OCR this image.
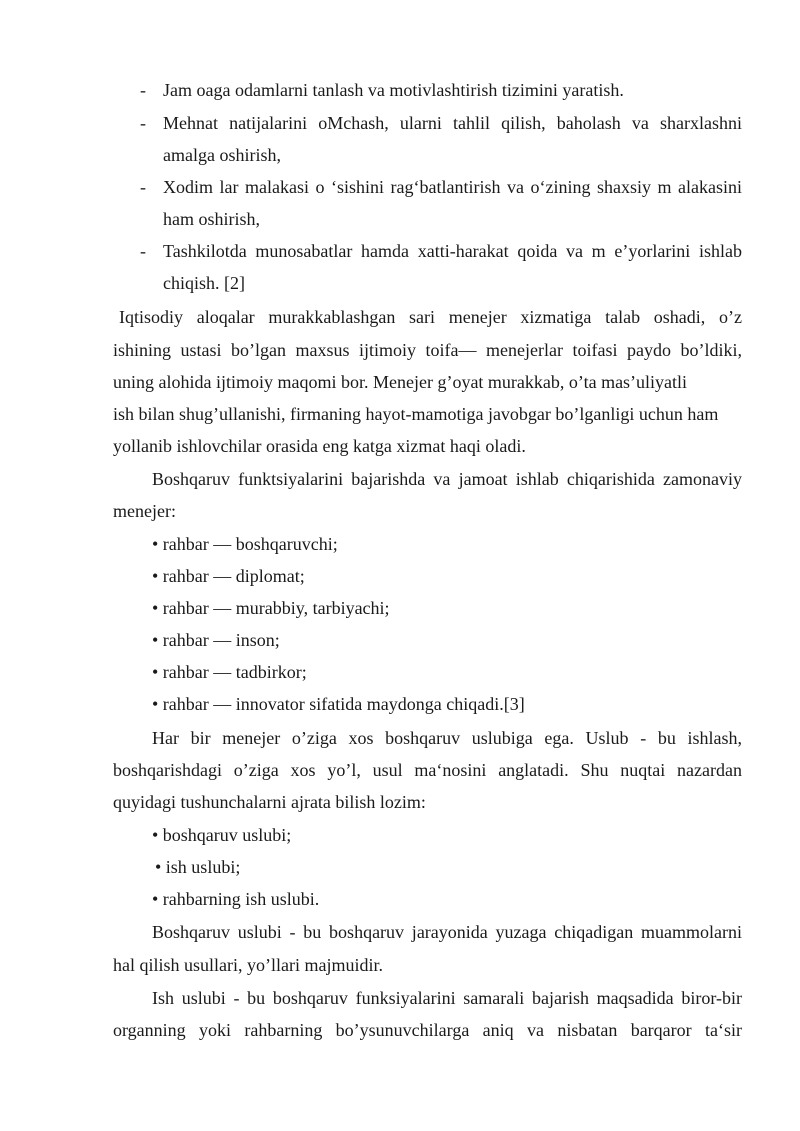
- Jam oaga odamlarni tanlash va motivlashtirish tizimini yaratish.
- Mehnat natijalarini oMchash, ularni tahlil qilish, baholash va sharxlashni
amalga oshirish,
- Xodim lar malakasi o ‘sishini rag‘batlantirish va o‘zining shaxsiy m alakasini
ham oshirish,
- Tashkilotda munosabatlar hamda xatti-harakat qoida va m e’yorlarini ishlab
chiqish. [2]
Iqtisodiy aloqalar murakkablashgan sari menejer xizmatiga talab oshadi, o’z
ishining ustasi bo’lgan maxsus ijtimoiy toifa— menejerlar toifasi paydo bo’ldiki,
uning alohida ijtimoiy maqomi bor. Menejer g’oyat murakkab, o’ta mas’uliyatli
ish bilan shug’ullanishi, firmaning hayot-mamotiga javobgar bo’lganligi uchun ham
yollanib ishlovchilar orasida eng katga xizmat haqi oladi.
Boshqaruv funktsiyalarini bajarishda va jamoat ishlab chiqarishida zamonaviy
menejer:
• rahbar — boshqaruvchi;
• rahbar — diplomat;
• rahbar — murabbiy, tarbiyachi;
• rahbar — inson;
• rahbar — tadbirkor;
• rahbar — innovator sifatida maydonga chiqadi.[3]
Har bir menejer o’ziga xos boshqaruv uslubiga ega. Uslub - bu ishlash,
boshqarishdagi o’ziga xos yo’l, usul ma‘nosini anglatadi. Shu nuqtai nazardan
quyidagi tushunchalarni ajrata bilish lozim:
• boshqaruv uslubi;
• ish uslubi;
• rahbarning ish uslubi.
Boshqaruv uslubi - bu boshqaruv jarayonida yuzaga chiqadigan muammolarni
hal qilish usullari, yo’llari majmuidir.
Ish uslubi - bu boshqaruv funksiyalarini samarali bajarish maqsadida biror-bir
organning yoki rahbarning bo’ysunuvchilarga aniq va nisbatan barqaror ta‘sir
